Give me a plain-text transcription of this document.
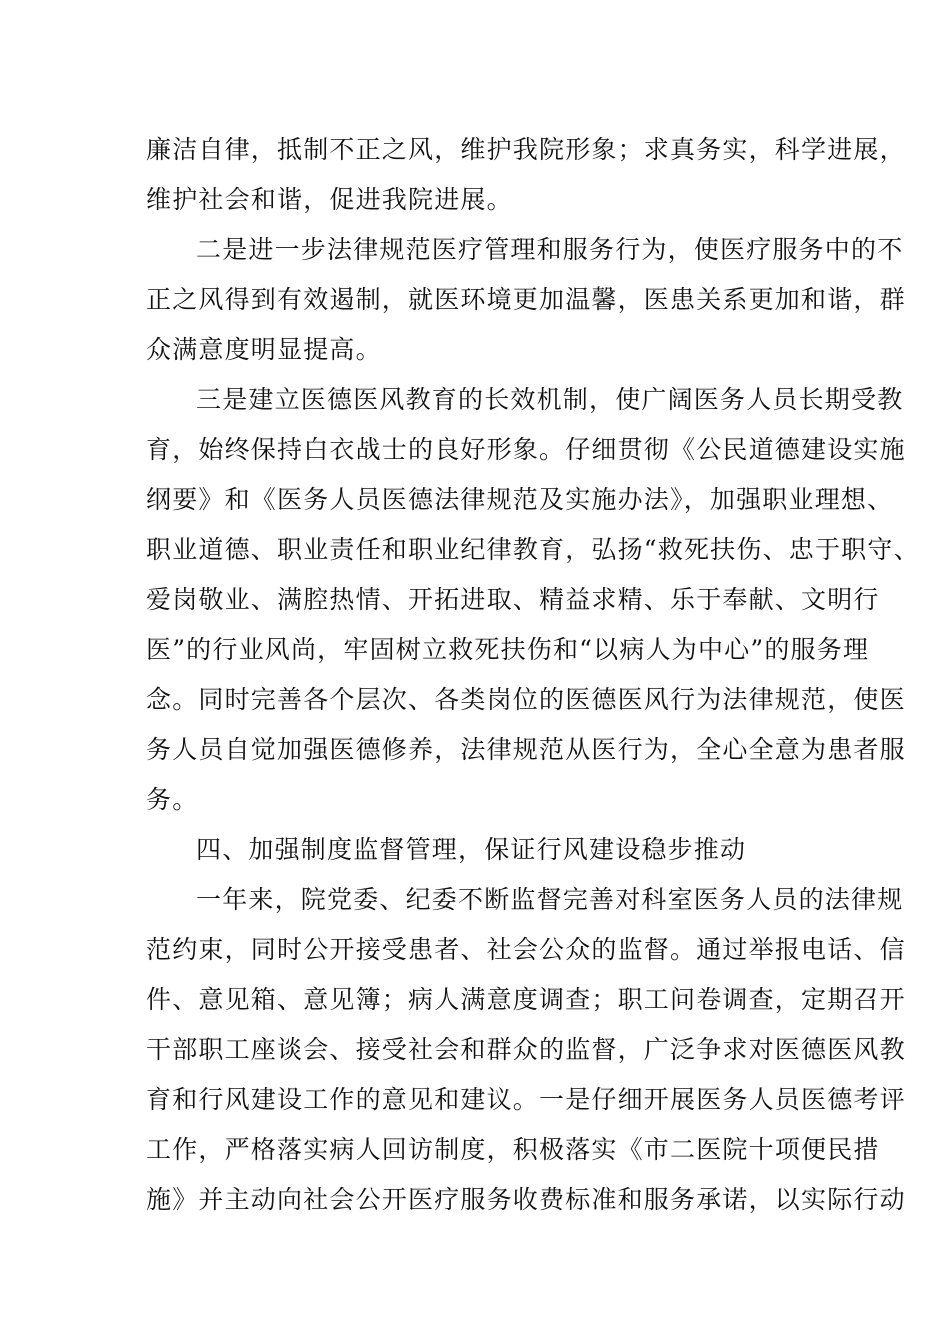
廉洁自律，抵制不正之风，维护我院形象；求真务实，科学进展，
维护社会和谐，促进我院进展。
二是进一步法律规范医疗管理和服务行为，使医疗服务中的不
正之风得到有效遏制，就医环境更加温馨，医患关系更加和谐，群
众满意度明显提高。
三是建立医德医风教育的长效机制，使广阔医务人员长期受教
育，始终保持白衣战士的良好形象。仔细贯彻《公民道德建设实施
纲要》和《医务人员医德法律规范及实施办法》，加强职业理想、
职业道德、职业责任和职业纪律教育，弘扬“救死扶伤、忠于职守、
爱岗敬业、满腔热情、开拓进取、精益求精、乐于奉献、文明行
医”的行业风尚，牢固树立救死扶伤和“以病人为中心”的服务理
念。同时完善各个层次、各类岗位的医德医风行为法律规范，使医
务人员自觉加强医德修养，法律规范从医行为，全心全意为患者服
务。
四、加强制度监督管理，保证行风建设稳步推动
一年来，院党委、纪委不断监督完善对科室医务人员的法律规
范约束，同时公开接受患者、社会公众的监督。通过举报电话、信
件、意见箱、意见簿；病人满意度调查；职工问卷调查，定期召开
干部职工座谈会、接受社会和群众的监督，广泛争求对医德医风教
育和行风建设工作的意见和建议。一是仔细开展医务人员医德考评
工作，严格落实病人回访制度，积极落实《市二医院十项便民措
施》并主动向社会公开医疗服务收费标准和服务承诺，以实际行动
